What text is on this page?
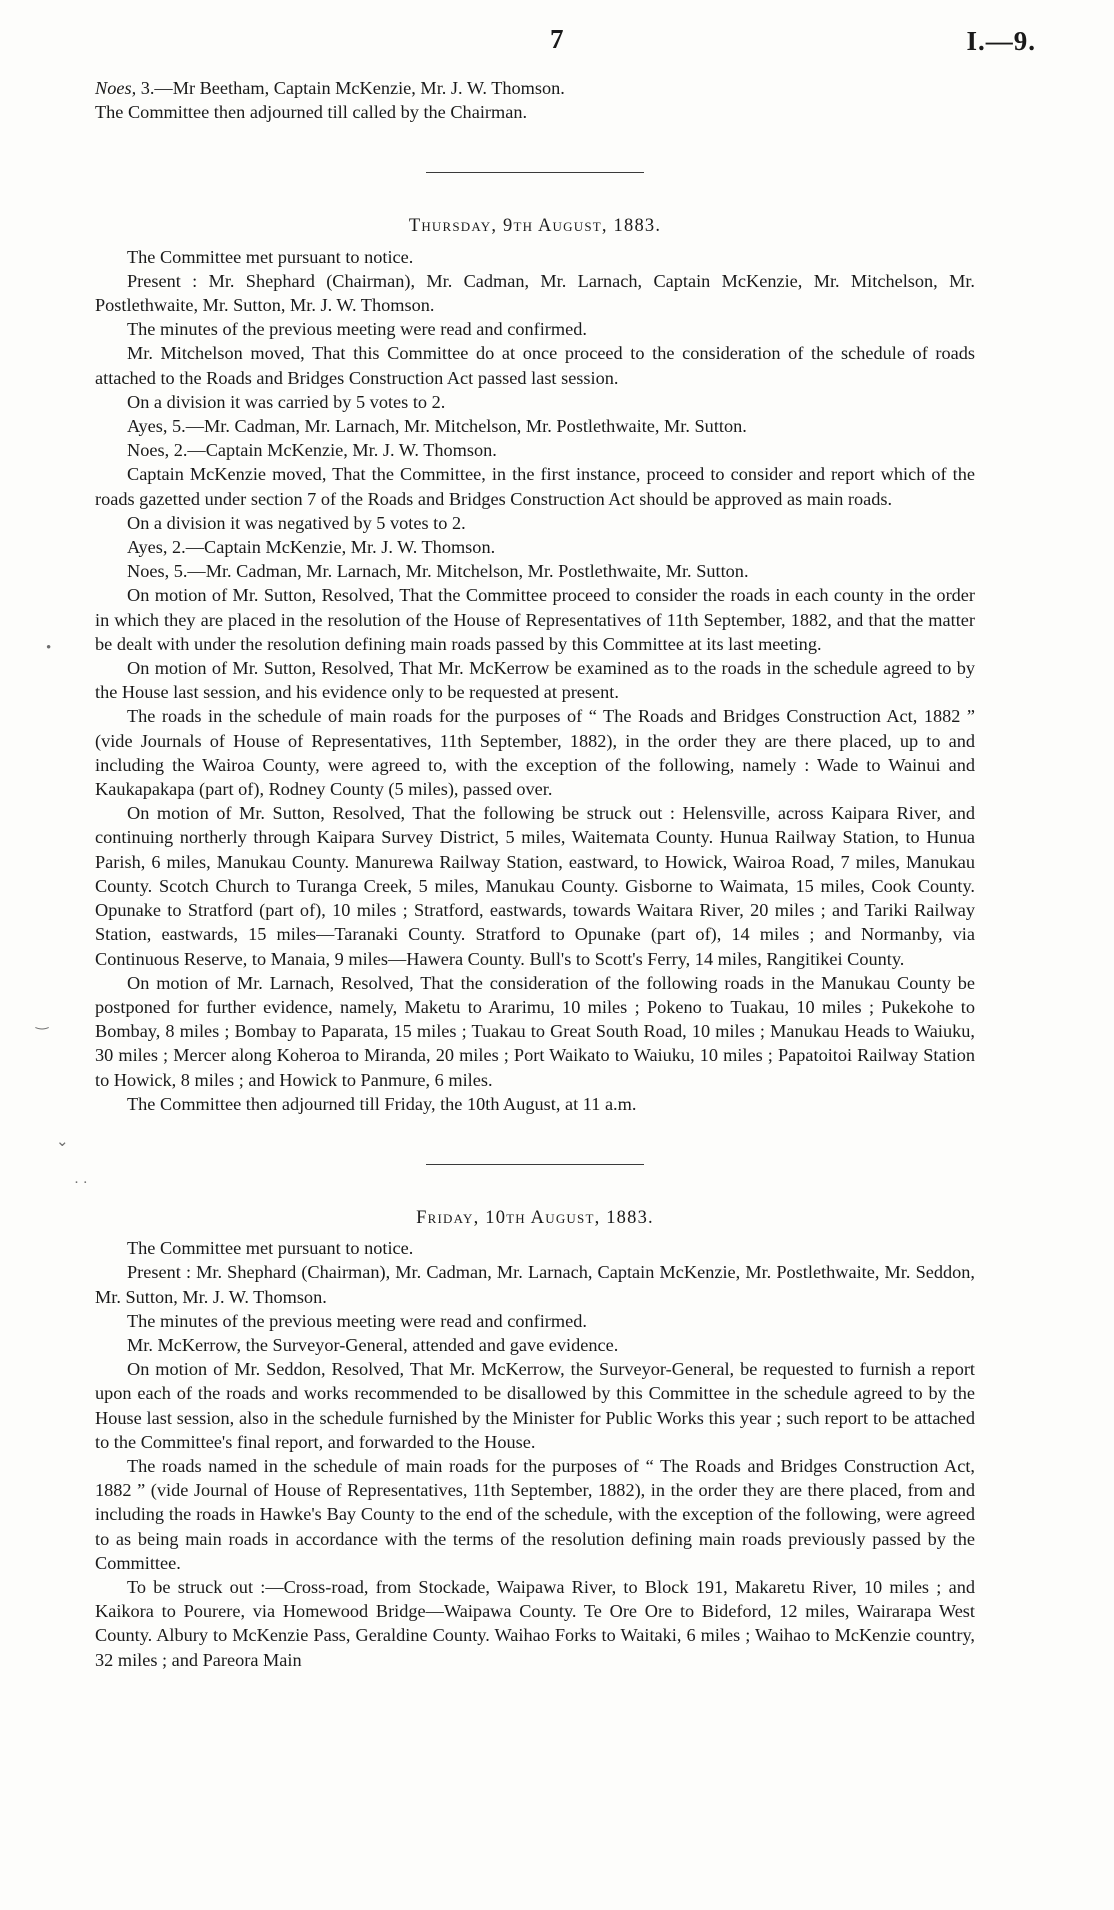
7	I.—9.
•
‿
⌄
· ·

Noes, 3.—Mr Beetham, Captain McKenzie, Mr. J. W. Thomson.

The Committee then adjourned till called by the Chairman.

Thursday, 9th August, 1883.

The Committee met pursuant to notice.

Present : Mr. Shephard (Chairman), Mr. Cadman, Mr. Larnach, Captain McKenzie, Mr. Mitchelson, Mr. Postlethwaite, Mr. Sutton, Mr. J. W. Thomson.

The minutes of the previous meeting were read and confirmed.

Mr. Mitchelson moved, That this Committee do at once proceed to the consideration of the schedule of roads attached to the Roads and Bridges Construction Act passed last session.

On a division it was carried by 5 votes to 2.

Ayes, 5.—Mr. Cadman, Mr. Larnach, Mr. Mitchelson, Mr. Postlethwaite, Mr. Sutton.

Noes, 2.—Captain McKenzie, Mr. J. W. Thomson.

Captain McKenzie moved, That the Committee, in the first instance, proceed to consider and report which of the roads gazetted under section 7 of the Roads and Bridges Construction Act should be approved as main roads.

On a division it was negatived by 5 votes to 2.

Ayes, 2.—Captain McKenzie, Mr. J. W. Thomson.

Noes, 5.—Mr. Cadman, Mr. Larnach, Mr. Mitchelson, Mr. Postlethwaite, Mr. Sutton.

On motion of Mr. Sutton, Resolved, That the Committee proceed to consider the roads in each county in the order in which they are placed in the resolution of the House of Representatives of 11th September, 1882, and that the matter be dealt with under the resolution defining main roads passed by this Committee at its last meeting.

On motion of Mr. Sutton, Resolved, That Mr. McKerrow be examined as to the roads in the schedule agreed to by the House last session, and his evidence only to be requested at present.

The roads in the schedule of main roads for the purposes of “ The Roads and Bridges Construction Act, 1882 ” (vide Journals of House of Representatives, 11th September, 1882), in the order they are there placed, up to and including the Wairoa County, were agreed to, with the exception of the following, namely : Wade to Wainui and Kaukapakapa (part of), Rodney County (5 miles), passed over.

On motion of Mr. Sutton, Resolved, That the following be struck out : Helensville, across Kaipara River, and continuing northerly through Kaipara Survey District, 5 miles, Waitemata County. Hunua Railway Station, to Hunua Parish, 6 miles, Manukau County. Manurewa Railway Station, eastward, to Howick, Wairoa Road, 7 miles, Manukau County. Scotch Church to Turanga Creek, 5 miles, Manukau County. Gisborne to Waimata, 15 miles, Cook County. Opunake to Stratford (part of), 10 miles ; Stratford, eastwards, towards Waitara River, 20 miles ; and Tariki Railway Station, eastwards, 15 miles—Taranaki County. Stratford to Opunake (part of), 14 miles ; and Normanby, via Continuous Reserve, to Manaia, 9 miles—Hawera County. Bull's to Scott's Ferry, 14 miles, Rangitikei County.

On motion of Mr. Larnach, Resolved, That the consideration of the following roads in the Manukau County be postponed for further evidence, namely, Maketu to Ararimu, 10 miles ; Pokeno to Tuakau, 10 miles ; Pukekohe to Bombay, 8 miles ; Bombay to Paparata, 15 miles ; Tuakau to Great South Road, 10 miles ; Manukau Heads to Waiuku, 30 miles ; Mercer along Koheroa to Miranda, 20 miles ; Port Waikato to Waiuku, 10 miles ; Papatoitoi Railway Station to Howick, 8 miles ; and Howick to Panmure, 6 miles.

The Committee then adjourned till Friday, the 10th August, at 11 a.m.

Friday, 10th August, 1883.

The Committee met pursuant to notice.

Present : Mr. Shephard (Chairman), Mr. Cadman, Mr. Larnach, Captain McKenzie, Mr. Postlethwaite, Mr. Seddon, Mr. Sutton, Mr. J. W. Thomson.

The minutes of the previous meeting were read and confirmed.

Mr. McKerrow, the Surveyor-General, attended and gave evidence.

On motion of Mr. Seddon, Resolved, That Mr. McKerrow, the Surveyor-General, be requested to furnish a report upon each of the roads and works recommended to be disallowed by this Committee in the schedule agreed to by the House last session, also in the schedule furnished by the Minister for Public Works this year ; such report to be attached to the Committee's final report, and forwarded to the House.

The roads named in the schedule of main roads for the purposes of “ The Roads and Bridges Construction Act, 1882 ” (vide Journal of House of Representatives, 11th September, 1882), in the order they are there placed, from and including the roads in Hawke's Bay County to the end of the schedule, with the exception of the following, were agreed to as being main roads in accordance with the terms of the resolution defining main roads previously passed by the Committee.

To be struck out :—Cross-road, from Stockade, Waipawa River, to Block 191, Makaretu River, 10 miles ; and Kaikora to Pourere, via Homewood Bridge—Waipawa County. Te Ore Ore to Bideford, 12 miles, Wairarapa West County. Albury to McKenzie Pass, Geraldine County. Waihao Forks to Waitaki, 6 miles ; Waihao to McKenzie country, 32 miles ; and Pareora Main
